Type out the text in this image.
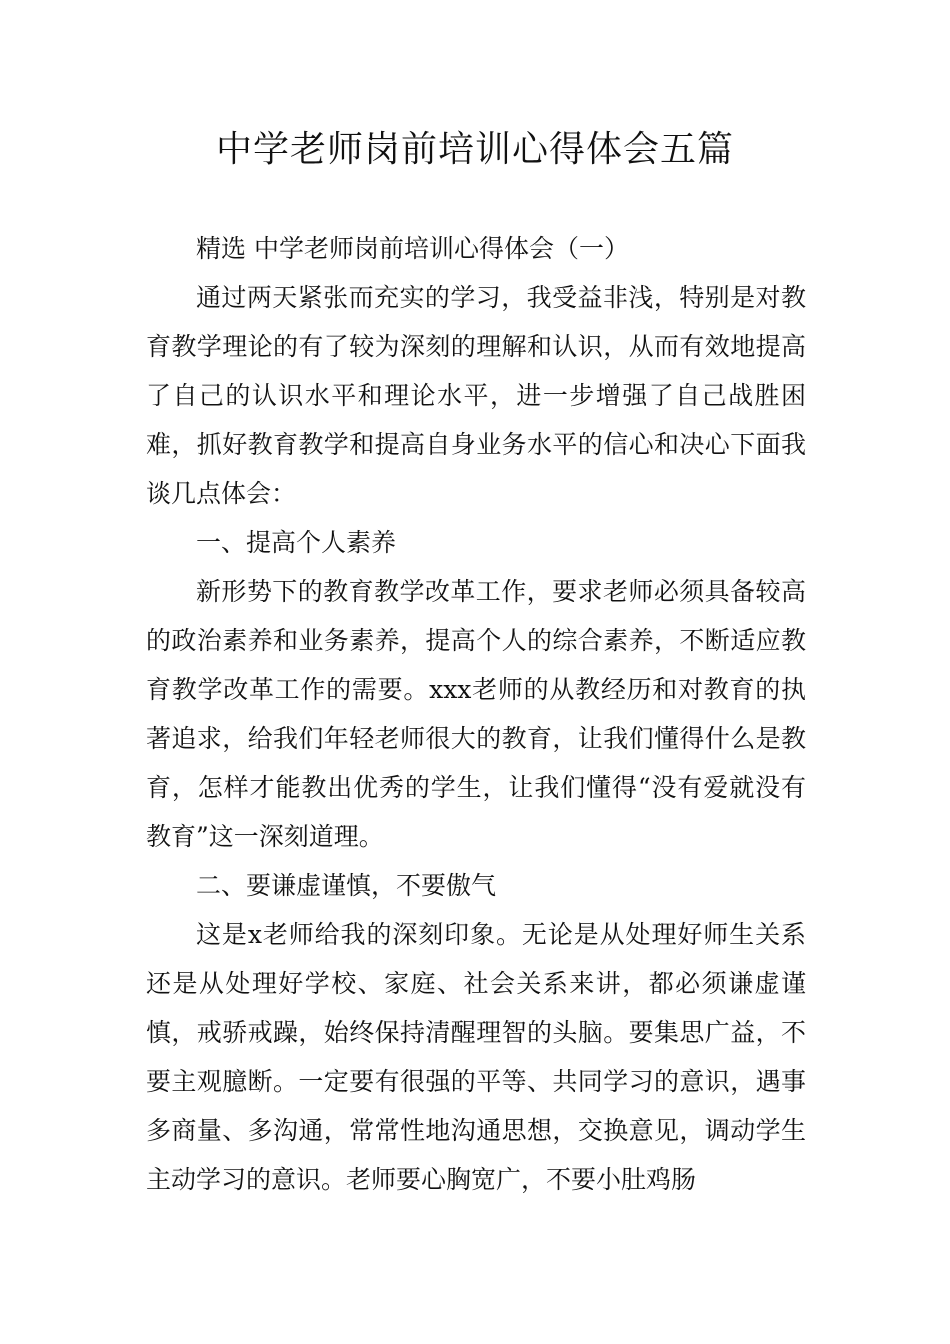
中学老师岗前培训心得体会五篇

精选 中学老师岗前培训心得体会（一）

通过两天紧张而充实的学习，我受益非浅，特别是对教育教学理论的有了较为深刻的理解和认识，从而有效地提高了自己的认识水平和理论水平，进一步增强了自己战胜困难，抓好教育教学和提高自身业务水平的信心和决心下面我谈几点体会：

一、提高个人素养

新形势下的教育教学改革工作，要求老师必须具备较高的政治素养和业务素养，提高个人的综合素养，不断适应教育教学改革工作的需要。xxx老师的从教经历和对教育的执著追求，给我们年轻老师很大的教育，让我们懂得什么是教育，怎样才能教出优秀的学生，让我们懂得“没有爱就没有教育”这一深刻道理。

二、要谦虚谨慎，不要傲气

这是x老师给我的深刻印象。无论是从处理好师生关系还是从处理好学校、家庭、社会关系来讲，都必须谦虚谨慎，戒骄戒躁，始终保持清醒理智的头脑。要集思广益，不要主观臆断。一定要有很强的平等、共同学习的意识，遇事多商量、多沟通，常常性地沟通思想，交换意见，调动学生主动学习的意识。老师要心胸宽广，不要小肚鸡肠
